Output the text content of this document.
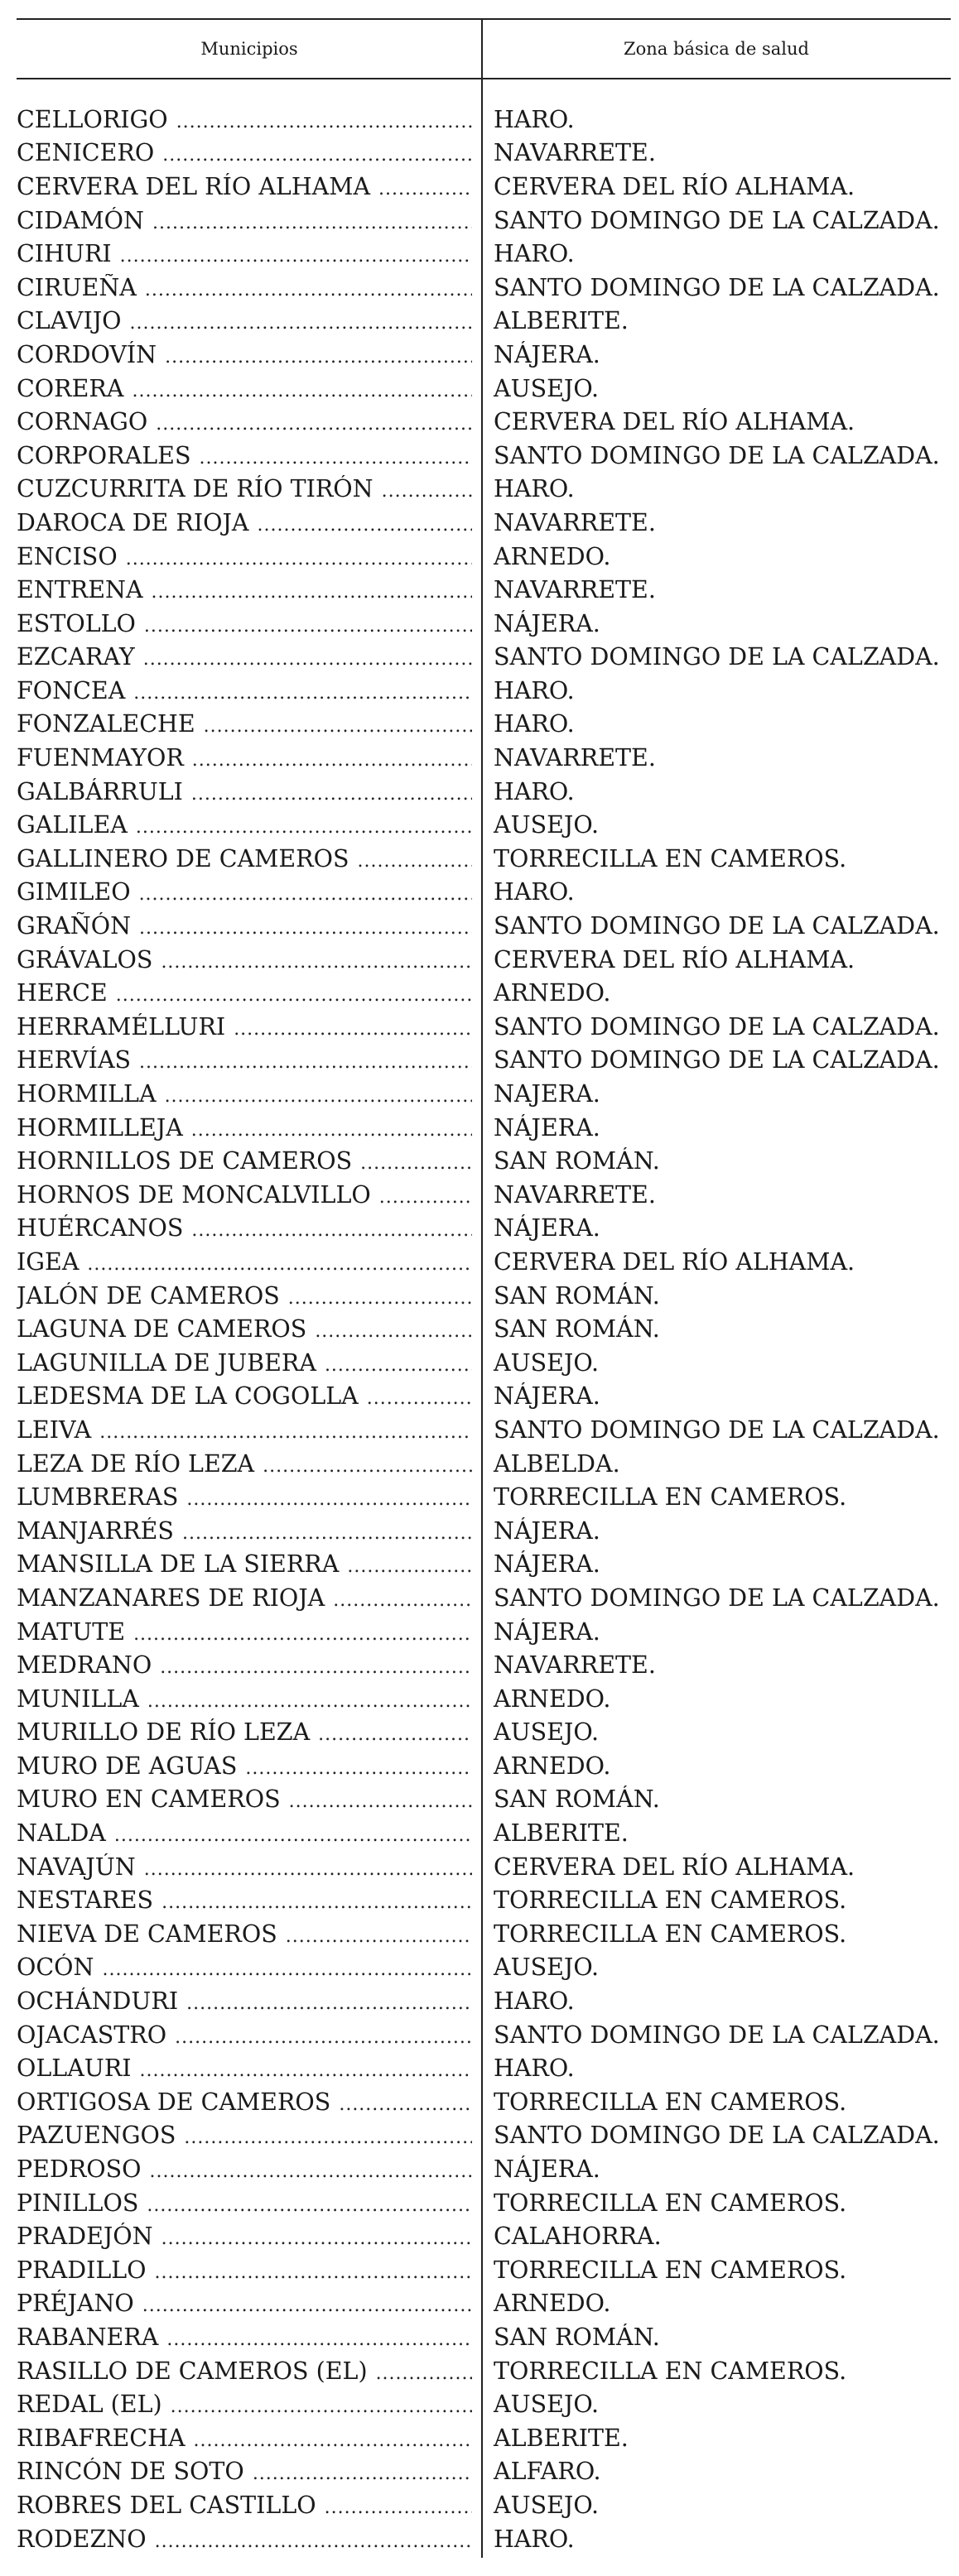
Municipios	Zona básica de salud
CELLORIGO .....	HARO.
CENICERO .....	NAVARRETE.
CERVERA DEL RÍO ALHAMA .....	CERVERA DEL RÍO ALHAMA.
CIDAMÓN .....	SANTO DOMINGO DE LA CALZADA.
CIHURI .....	HARO.
CIRUEÑA .....	SANTO DOMINGO DE LA CALZADA.
CLAVIJO .....	ALBERITE.
CORDOVÍN .....	NÁJERA.
CORERA .....	AUSEJO.
CORNAGO .....	CERVERA DEL RÍO ALHAMA.
CORPORALES .....	SANTO DOMINGO DE LA CALZADA.
CUZCURRITA DE RÍO TIRÓN .....	HARO.
DAROCA DE RIOJA .....	NAVARRETE.
ENCISO .....	ARNEDO.
ENTRENA .....	NAVARRETE.
ESTOLLO .....	NÁJERA.
EZCARAY .....	SANTO DOMINGO DE LA CALZADA.
FONCEA .....	HARO.
FONZALECHE .....	HARO.
FUENMAYOR .....	NAVARRETE.
GALBÁRRULI .....	HARO.
GALILEA .....	AUSEJO.
GALLINERO DE CAMEROS .....	TORRECILLA EN CAMEROS.
GIMILEO .....	HARO.
GRAÑÓN .....	SANTO DOMINGO DE LA CALZADA.
GRÁVALOS .....	CERVERA DEL RÍO ALHAMA.
HERCE .....	ARNEDO.
HERRAMÉLLURI .....	SANTO DOMINGO DE LA CALZADA.
HERVÍAS .....	SANTO DOMINGO DE LA CALZADA.
HORMILLA .....	NAJERA.
HORMILLEJA .....	NÁJERA.
HORNILLOS DE CAMEROS .....	SAN ROMÁN.
HORNOS DE MONCALVILLO .....	NAVARRETE.
HUÉRCANOS .....	NÁJERA.
IGEA .....	CERVERA DEL RÍO ALHAMA.
JALÓN DE CAMEROS .....	SAN ROMÁN.
LAGUNA DE CAMEROS .....	SAN ROMÁN.
LAGUNILLA DE JUBERA .....	AUSEJO.
LEDESMA DE LA COGOLLA .....	NÁJERA.
LEIVA .....	SANTO DOMINGO DE LA CALZADA.
LEZA DE RÍO LEZA .....	ALBELDA.
LUMBRERAS .....	TORRECILLA EN CAMEROS.
MANJARRÉS .....	NÁJERA.
MANSILLA DE LA SIERRA .....	NÁJERA.
MANZANARES DE RIOJA .....	SANTO DOMINGO DE LA CALZADA.
MATUTE .....	NÁJERA.
MEDRANO .....	NAVARRETE.
MUNILLA .....	ARNEDO.
MURILLO DE RÍO LEZA .....	AUSEJO.
MURO DE AGUAS .....	ARNEDO.
MURO EN CAMEROS .....	SAN ROMÁN.
NALDA .....	ALBERITE.
NAVAJÚN .....	CERVERA DEL RÍO ALHAMA.
NESTARES .....	TORRECILLA EN CAMEROS.
NIEVA DE CAMEROS .....	TORRECILLA EN CAMEROS.
OCÓN .....	AUSEJO.
OCHÁNDURI .....	HARO.
OJACASTRO .....	SANTO DOMINGO DE LA CALZADA.
OLLAURI .....	HARO.
ORTIGOSA DE CAMEROS .....	TORRECILLA EN CAMEROS.
PAZUENGOS .....	SANTO DOMINGO DE LA CALZADA.
PEDROSO .....	NÁJERA.
PINILLOS .....	TORRECILLA EN CAMEROS.
PRADEJÓN .....	CALAHORRA.
PRADILLO .....	TORRECILLA EN CAMEROS.
PRÉJANO .....	ARNEDO.
RABANERA .....	SAN ROMÁN.
RASILLO DE CAMEROS (EL) .....	TORRECILLA EN CAMEROS.
REDAL (EL) .....	AUSEJO.
RIBAFRECHA .....	ALBERITE.
RINCÓN DE SOTO .....	ALFARO.
ROBRES DEL CASTILLO .....	AUSEJO.
RODEZNO .....	HARO.
